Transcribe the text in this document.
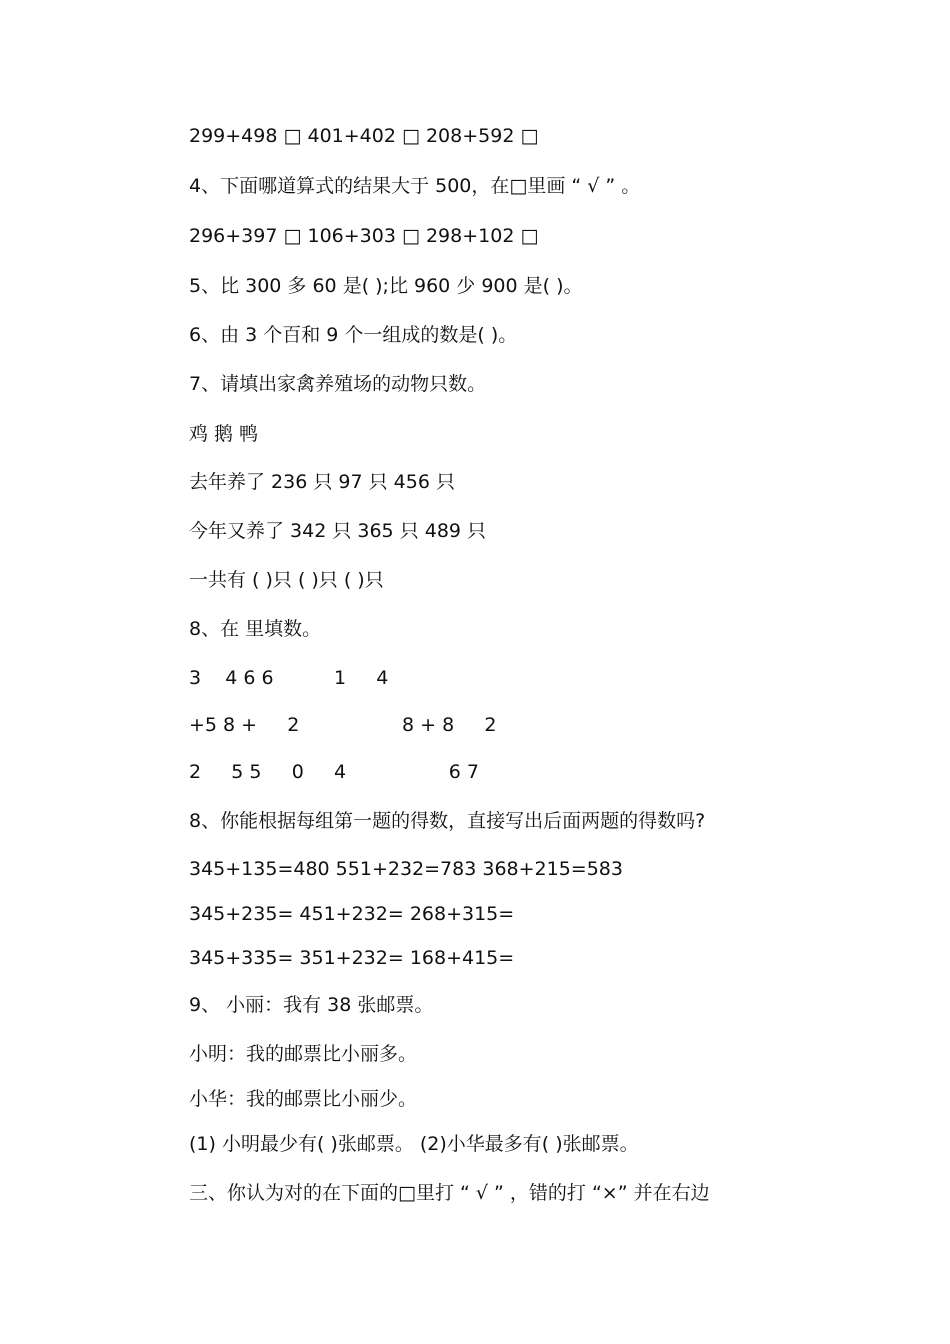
299+498 □ 401+402 □ 208+592 □
4、下面哪道算式的结果大于 500，在□里画 “ √ ” 。
296+397 □ 106+303 □ 298+102 □
5、比 300 多 60 是( );比 960 少 900 是( )。
6、由 3 个百和 9 个一组成的数是( )。
7、请填出家禽养殖场的动物只数。
鸡 鹅 鸭
去年养了 236 只 97 只 456 只
今年又养了 342 只 365 只 489 只
一共有 ( )只 ( )只 ( )只
8、在 里填数。
3    4 6 6          1     4
+5 8 +     2                 8 + 8     2
2     5 5     0     4                 6 7
8、你能根据每组第一题的得数，直接写出后面两题的得数吗?
345+135=480 551+232=783 368+215=583
345+235= 451+232= 268+315=
345+335= 351+232= 168+415=
9、 小丽：我有 38 张邮票。
小明：我的邮票比小丽多。
小华：我的邮票比小丽少。
(1) 小明最少有( )张邮票。 (2)小华最多有( )张邮票。
三、你认为对的在下面的□里打 “ √ ” ，错的打 “×” 并在右边
